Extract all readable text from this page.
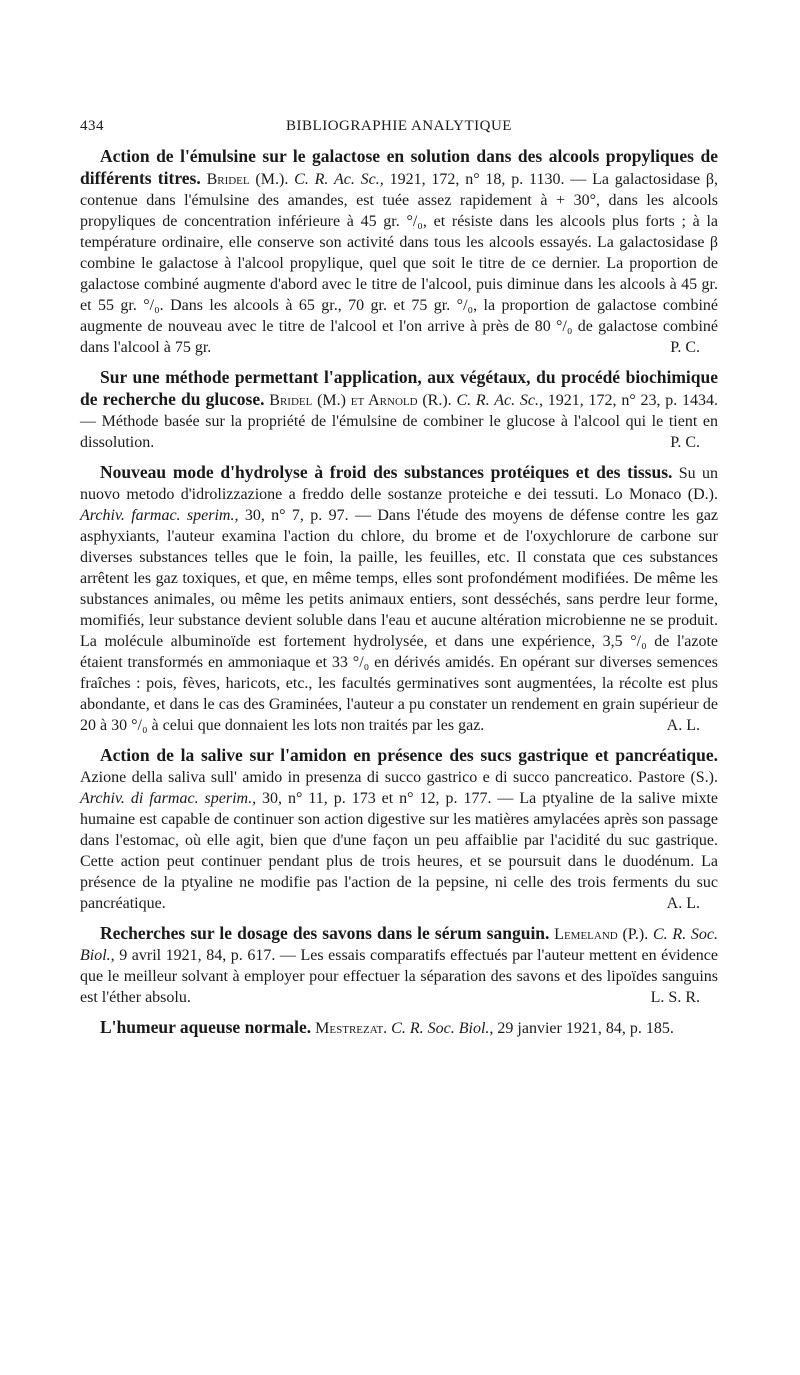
434	BIBLIOGRAPHIE ANALYTIQUE

Action de l'émulsine sur le galactose en solution dans des alcools propyliques de différents titres. Bridel (M.). C. R. Ac. Sc., 1921, 172, n° 18, p. 1130. — La galactosidase β, contenue dans l'émulsine des amandes, est tuée assez rapidement à + 30°, dans les alcools propyliques de concentration inférieure à 45 gr. °/₀, et résiste dans les alcools plus forts ; à la température ordinaire, elle conserve son activité dans tous les alcools essayés. La galactosidase β combine le galactose à l'alcool propylique, quel que soit le titre de ce dernier. La proportion de galactose combiné augmente d'abord avec le titre de l'alcool, puis diminue dans les alcools à 45 gr. et 55 gr. °/₀. Dans les alcools à 65 gr., 70 gr. et 75 gr. °/₀, la proportion de galactose combiné augmente de nouveau avec le titre de l'alcool et l'on arrive à près de 80 °/₀ de galactose combiné dans l'alcool à 75 gr.	P. C.

Sur une méthode permettant l'application, aux végétaux, du procédé biochimique de recherche du glucose. Bridel (M.) et Arnold (R.). C. R. Ac. Sc., 1921, 172, n° 23, p. 1434. — Méthode basée sur la propriété de l'émulsine de combiner le glucose à l'alcool qui le tient en dissolution.	P. C.

Nouveau mode d'hydrolyse à froid des substances protéiques et des tissus. Su un nuovo metodo d'idrolizzazione a freddo delle sostanze proteiche e dei tessuti. Lo Monaco (D.). Archiv. farmac. sperim., 30, n° 7, p. 97. — Dans l'étude des moyens de défense contre les gaz asphyxiants, l'auteur examina l'action du chlore, du brome et de l'oxychlorure de carbone sur diverses substances telles que le foin, la paille, les feuilles, etc. Il constata que ces substances arrêtent les gaz toxiques, et que, en même temps, elles sont profondément modifiées. De même les substances animales, ou même les petits animaux entiers, sont desséchés, sans perdre leur forme, momifiés, leur substance devient soluble dans l'eau et aucune altération microbienne ne se produit. La molécule albuminoïde est fortement hydrolysée, et dans une expérience, 3,5 °/₀ de l'azote étaient transformés en ammoniaque et 33 °/₀ en dérivés amidés. En opérant sur diverses semences fraîches : pois, fèves, haricots, etc., les facultés germinatives sont augmentées, la récolte est plus abondante, et dans le cas des Graminées, l'auteur a pu constater un rendement en grain supérieur de 20 à 30 °/₀ à celui que donnaient les lots non traités par les gaz.	A. L.

Action de la salive sur l'amidon en présence des sucs gastrique et pancréatique. Azione della saliva sull' amido in presenza di succo gastrico e di succo pancreatico. Pastore (S.). Archiv. di farmac. sperim., 30, n° 11, p. 173 et n° 12, p. 177. — La ptyaline de la salive mixte humaine est capable de continuer son action digestive sur les matières amylacées après son passage dans l'estomac, où elle agit, bien que d'une façon un peu affaiblie par l'acidité du suc gastrique. Cette action peut continuer pendant plus de trois heures, et se poursuit dans le duodénum. La présence de la ptyaline ne modifie pas l'action de la pepsine, ni celle des trois ferments du suc pancréatique.	A. L.

Recherches sur le dosage des savons dans le sérum sanguin. Lemeland (P.). C. R. Soc. Biol., 9 avril 1921, 84, p. 617. — Les essais comparatifs effectués par l'auteur mettent en évidence que le meilleur solvant à employer pour effectuer la séparation des savons et des lipoïdes sanguins est l'éther absolu.	L. S. R.

L'humeur aqueuse normale. Mestrezat. C. R. Soc. Biol., 29 janvier 1921, 84, p. 185.
